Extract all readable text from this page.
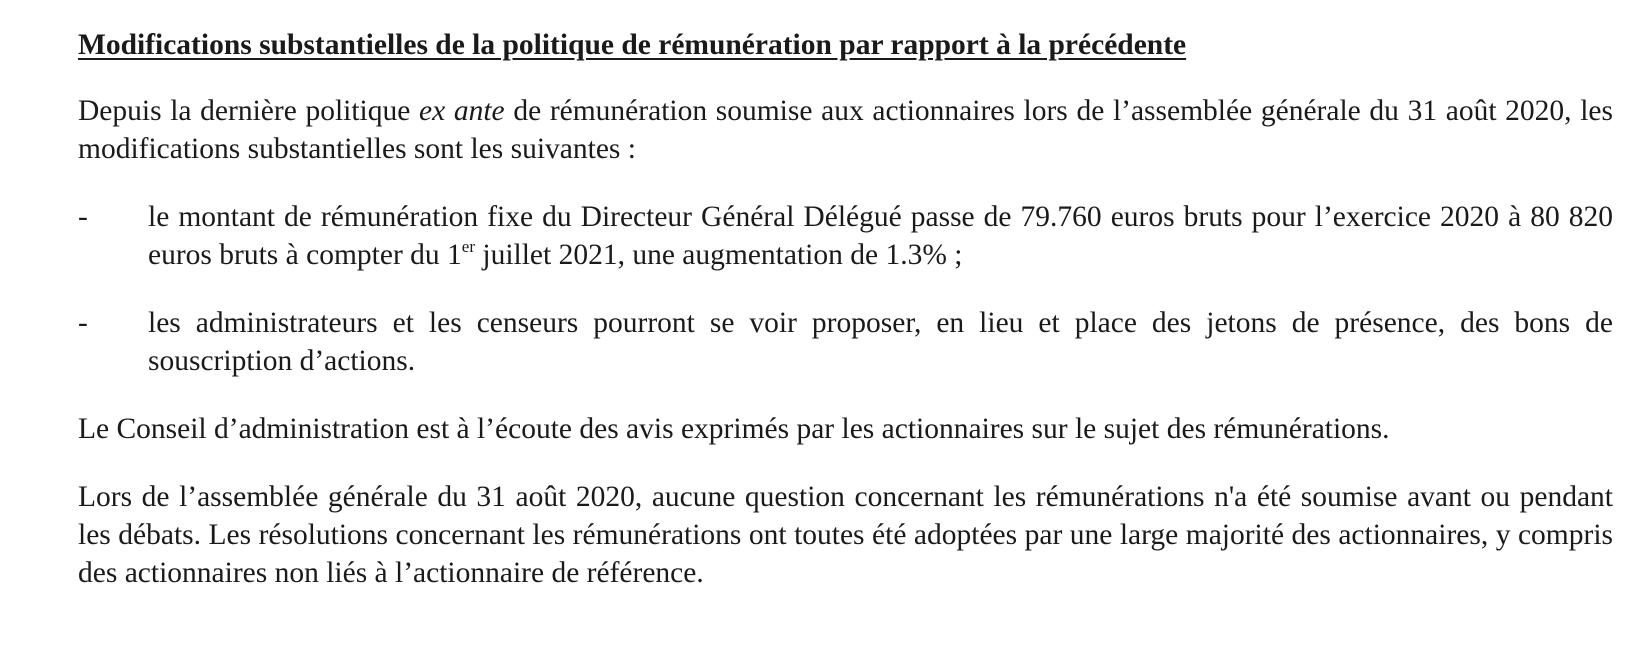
Modifications substantielles de la politique de rémunération par rapport à la précédente

Depuis la dernière politique ex ante de rémunération soumise aux actionnaires lors de l’assemblée générale du 31 août 2020, les modifications substantielles sont les suivantes :

- le montant de rémunération fixe du Directeur Général Délégué passe de 79.760 euros bruts pour l’exercice 2020 à 80 820 euros bruts à compter du 1er juillet 2021, une augmentation de 1.3% ;
- les administrateurs et les censeurs pourront se voir proposer, en lieu et place des jetons de présence, des bons de souscription d’actions.

Le Conseil d’administration est à l’écoute des avis exprimés par les actionnaires sur le sujet des rémunérations.

Lors de l’assemblée générale du 31 août 2020, aucune question concernant les rémunérations n'a été soumise avant ou pendant les débats. Les résolutions concernant les rémunérations ont toutes été adoptées par une large majorité des actionnaires, y compris des actionnaires non liés à l’actionnaire de référence.
